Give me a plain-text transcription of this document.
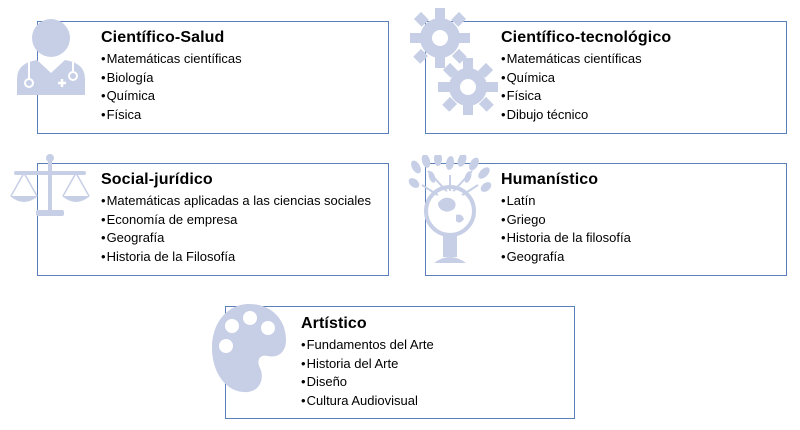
Científico-Salud
•Matemáticas científicas
•Biología
•Química
•Física
Científico-tecnológico
•Matemáticas científicas
•Química
•Física
•Dibujo técnico
Social-jurídico
•Matemáticas aplicadas a las ciencias sociales
•Economía de empresa
•Geografía
•Historia de la Filosofía
Humanístico
•Latín
•Griego
•Historia de la filosofía
•Geografía
Artístico
•Fundamentos del Arte
•Historia del Arte
•Diseño
•Cultura Audiovisual
